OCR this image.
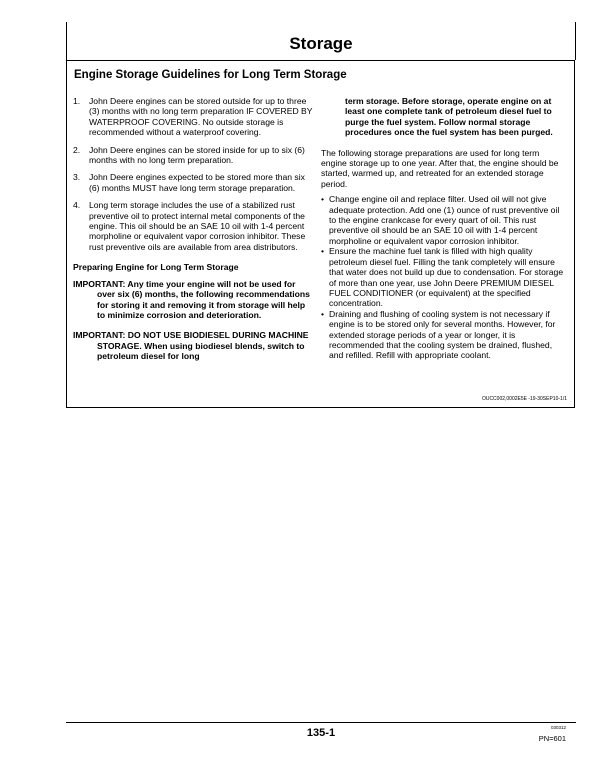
Storage
Engine Storage Guidelines for Long Term Storage
1. John Deere engines can be stored outside for up to three (3) months with no long term preparation IF COVERED BY WATERPROOF COVERING. No outside storage is recommended without a waterproof covering.
2. John Deere engines can be stored inside for up to six (6) months with no long term preparation.
3. John Deere engines expected to be stored more than six (6) months MUST have long term storage preparation.
4. Long term storage includes the use of a stabilized rust preventive oil to protect internal metal components of the engine. This oil should be an SAE 10 oil with 1-4 percent morpholine or equivalent vapor corrosion inhibitor. These rust preventive oils are available from area distributors.
Preparing Engine for Long Term Storage

IMPORTANT: Any time your engine will not be used for over six (6) months, the following recommendations for storing it and removing it from storage will help to minimize corrosion and deterioration.

IMPORTANT: DO NOT USE BIODIESEL DURING MACHINE STORAGE. When using biodiesel blends, switch to petroleum diesel for long

term storage. Before storage, operate engine on at least one complete tank of petroleum diesel fuel to purge the fuel system. Follow normal storage procedures once the fuel system has been purged.

The following storage preparations are used for long term engine storage up to one year. After that, the engine should be started, warmed up, and retreated for an extended storage period.

• Change engine oil and replace filter. Used oil will not give adequate protection. Add one (1) ounce of rust preventive oil to the engine crankcase for every quart of oil. This rust preventive oil should be an SAE 10 oil with 1-4 percent morpholine or equivalent vapor corrosion inhibitor.
• Ensure the machine fuel tank is filled with high quality petroleum diesel fuel. Filling the tank completely will ensure that water does not build up due to condensation. For storage of more than one year, use John Deere PREMIUM DIESEL FUEL CONDITIONER (or equivalent) at the specified concentration.
• Draining and flushing of cooling system is not necessary if engine is to be stored only for several months. However, for extended storage periods of a year or longer, it is recommended that the cooling system be drained, flushed, and refilled. Refill with appropriate coolant.
OUCC002,0002E5E -19-30SEP10-1/1
135-1	030312
PN=601
